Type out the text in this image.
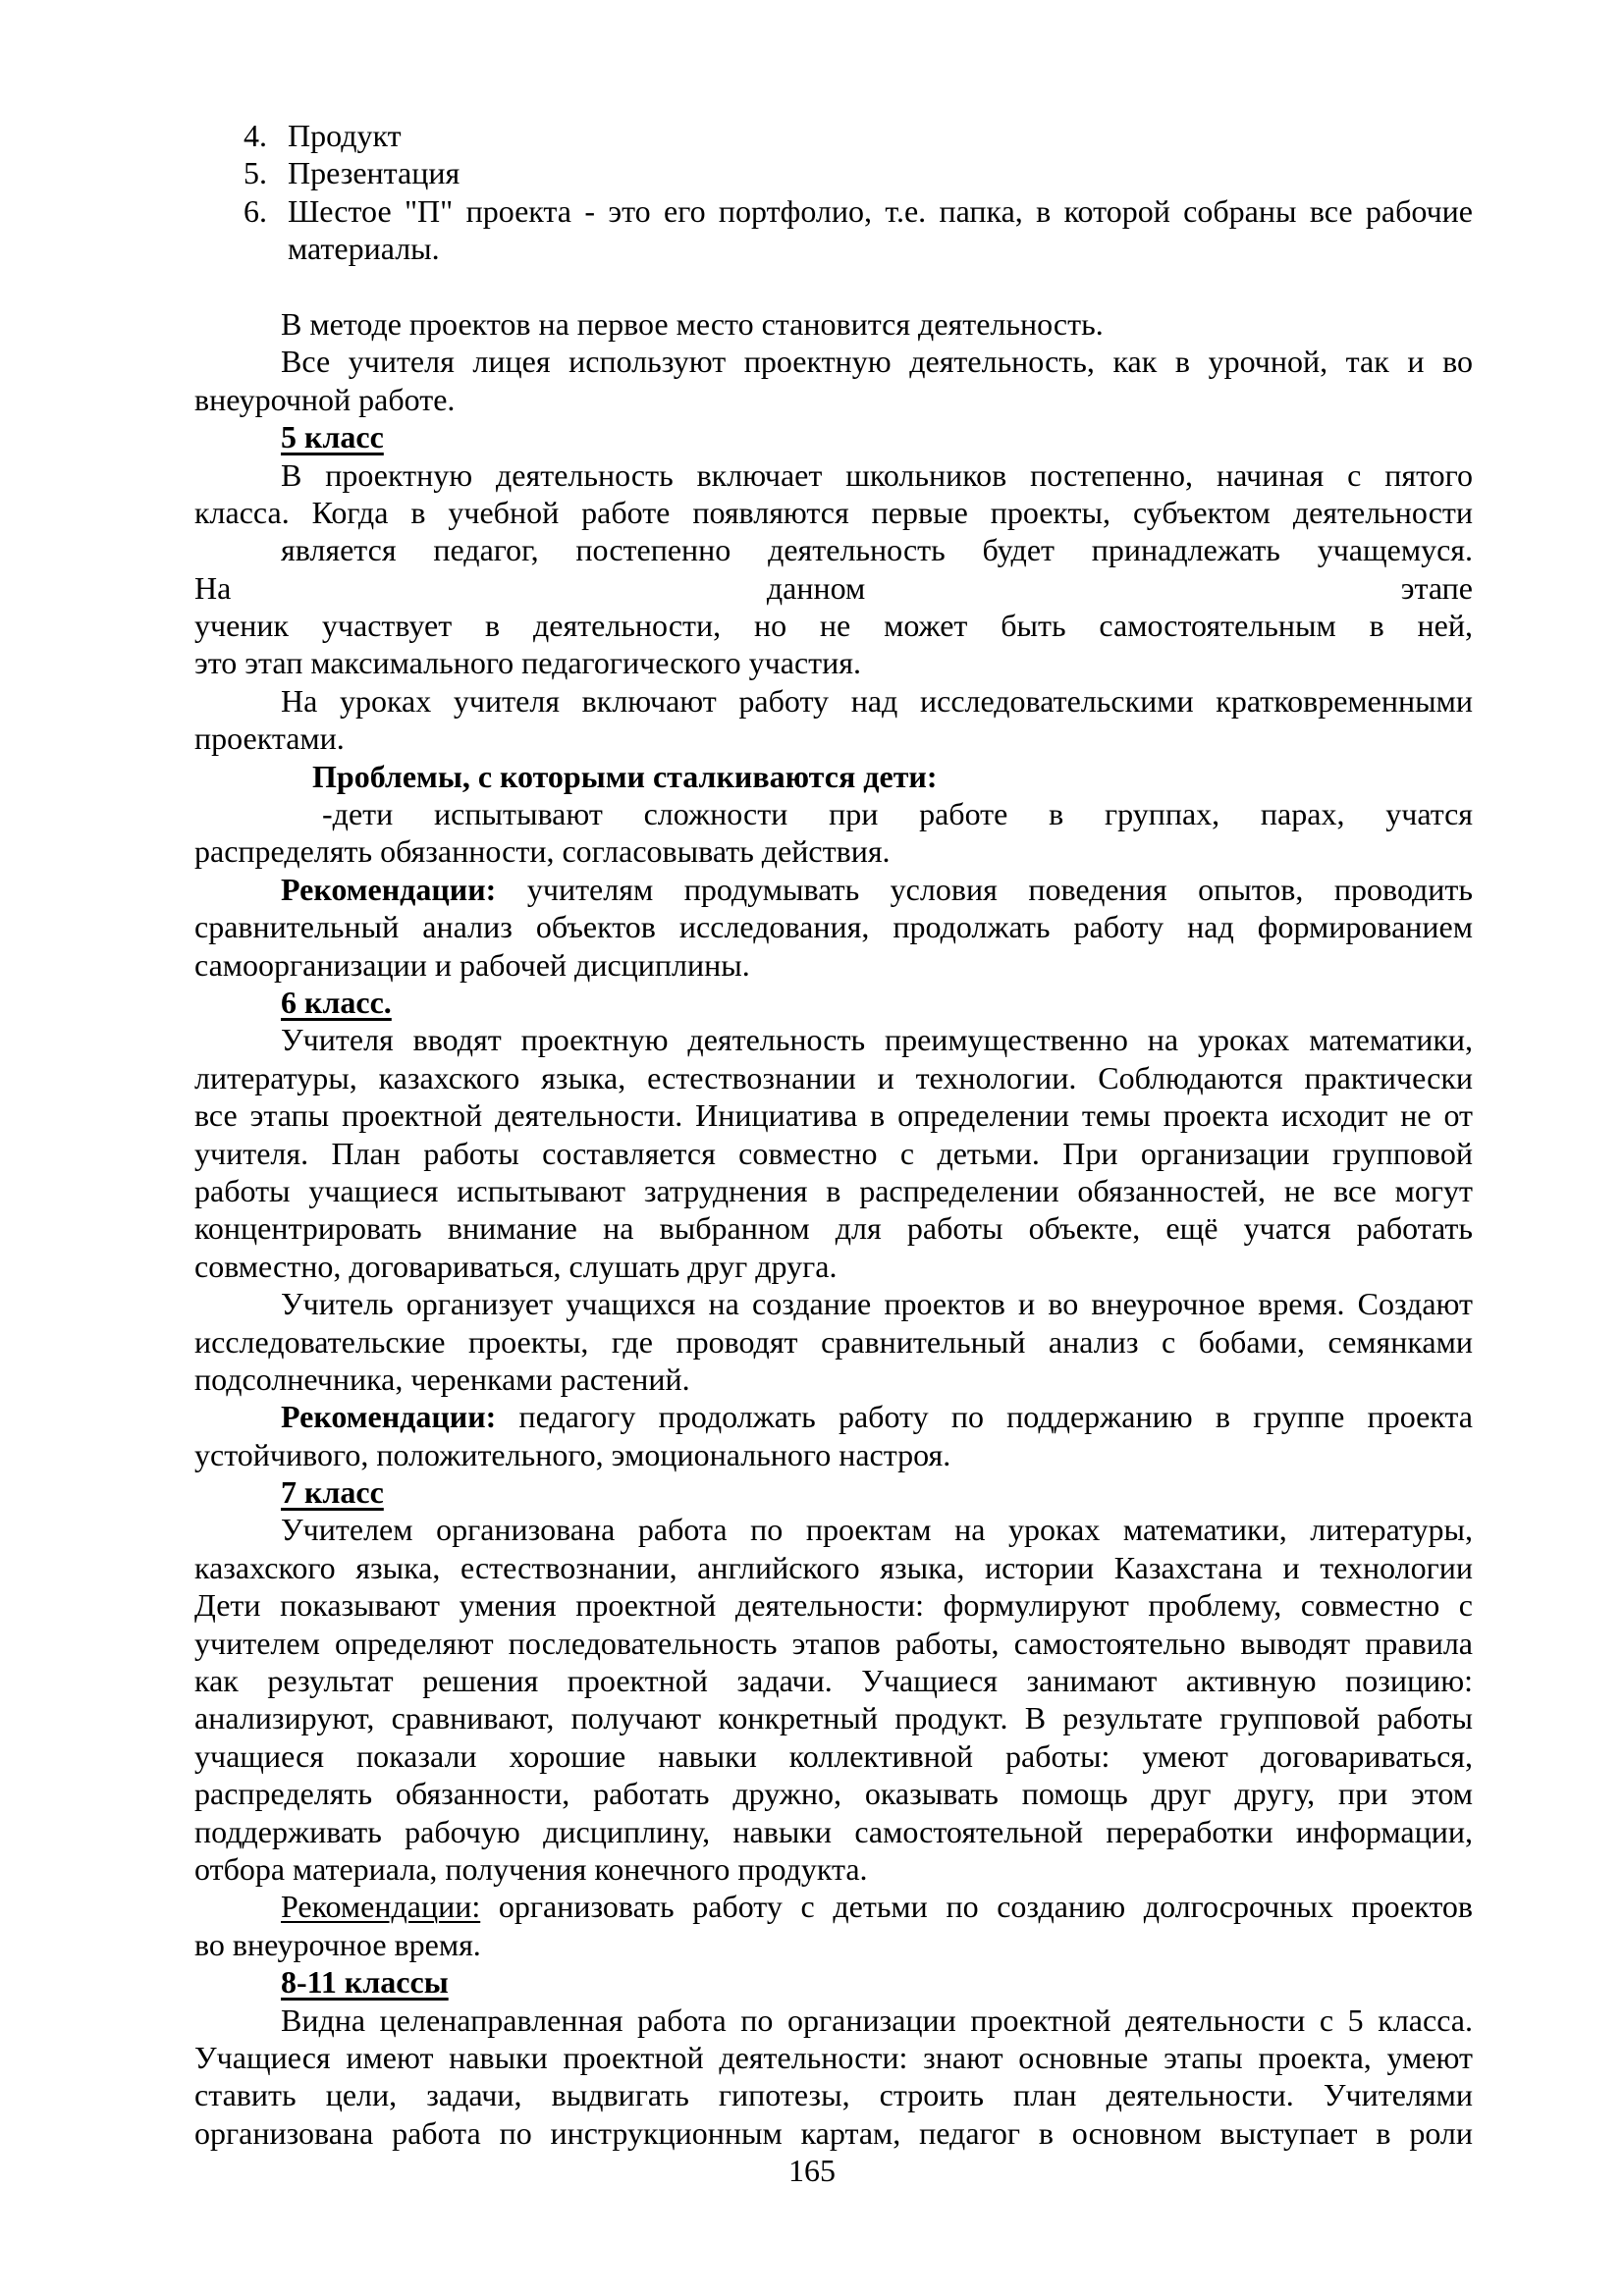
4. Продукт
5. Презентация
6. Шестое "П" проекта - это его портфолио, т.е. папка, в которой собраны все рабочие
материалы.
В методе проектов на первое место становится деятельность.
Все учителя лицея используют проектную деятельность, как в урочной, так и во
внеурочной работе.
5 класс
В проектную деятельность включает школьников постепенно, начиная с пятого
класса. Когда в учебной работе появляются первые проекты, субъектом деятельности
является педагог, постепенно деятельность будет принадлежать учащемуся.
На данном этапе
ученик участвует в деятельности, но не может быть самостоятельным в ней,
это этап максимального педагогического участия.
На уроках учителя включают работу над исследовательскими кратковременными
проектами.
Проблемы, с которыми сталкиваются дети:
-дети испытывают сложности при работе в группах, парах, учатся
распределять обязанности, согласовывать действия.
Рекомендации: учителям продумывать условия поведения опытов, проводить
сравнительный анализ объектов исследования, продолжать работу над формированием
самоорганизации и рабочей дисциплины.
6 класс.
Учителя вводят проектную деятельность преимущественно на уроках математики,
литературы, казахского языка, естествознании и технологии. Соблюдаются практически
все этапы проектной деятельности. Инициатива в определении темы проекта исходит не от
учителя. План работы составляется совместно с детьми. При организации групповой
работы учащиеся испытывают затруднения в распределении обязанностей, не все могут
концентрировать внимание на выбранном для работы объекте, ещё учатся работать
совместно, договариваться, слушать друг друга.
Учитель организует учащихся на создание проектов и во внеурочное время. Создают
исследовательские проекты, где проводят сравнительный анализ с бобами, семянками
подсолнечника, черенками растений.
Рекомендации: педагогу продолжать работу по поддержанию в группе проекта
устойчивого, положительного, эмоционального настроя.
7 класс
Учителем организована работа по проектам на уроках математики, литературы,
казахского языка, естествознании, английского языка, истории Казахстана и технологии
Дети показывают умения проектной деятельности: формулируют проблему, совместно с
учителем определяют последовательность этапов работы, самостоятельно выводят правила
как результат решения проектной задачи. Учащиеся занимают активную позицию:
анализируют, сравнивают, получают конкретный продукт. В результате групповой работы
учащиеся показали хорошие навыки коллективной работы: умеют договариваться,
распределять обязанности, работать дружно, оказывать помощь друг другу, при этом
поддерживать рабочую дисциплину, навыки самостоятельной переработки информации,
отбора материала, получения конечного продукта.
Рекомендации: организовать работу с детьми по созданию долгосрочных проектов
во внеурочное время.
8-11 классы
Видна целенаправленная работа по организации проектной деятельности с 5 класса.
Учащиеся имеют навыки проектной деятельности: знают основные этапы проекта, умеют
ставить цели, задачи, выдвигать гипотезы, строить план деятельности. Учителями
организована работа по инструкционным картам, педагог в основном выступает в роли
165
